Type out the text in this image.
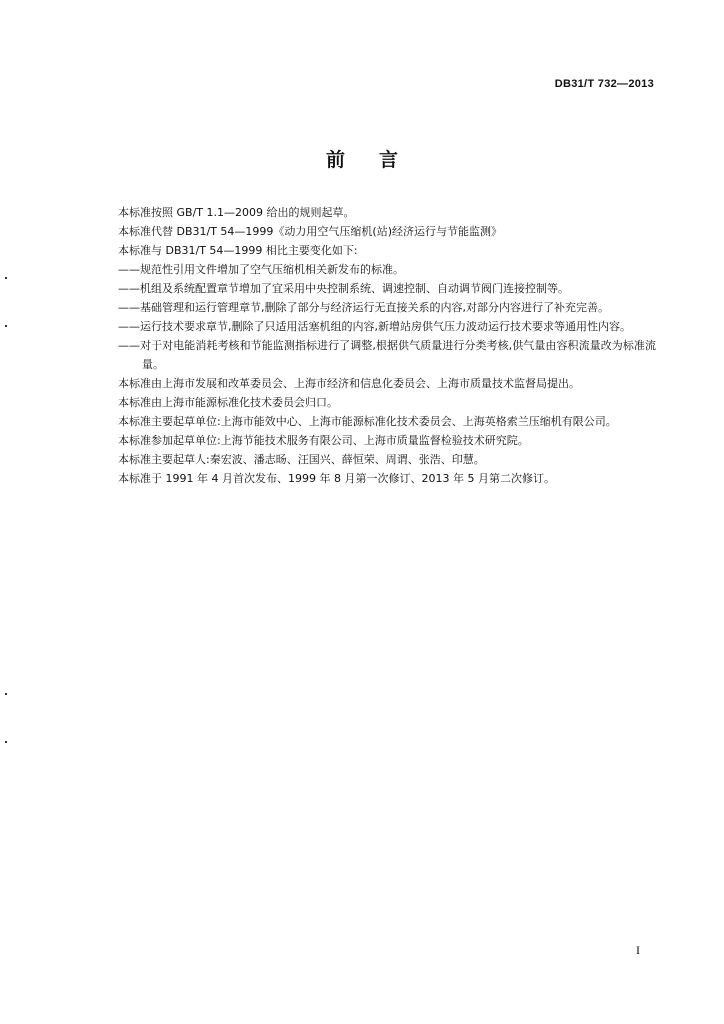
DB31/T 732—2013
前言

本标准按照 GB/T 1.1—2009 给出的规则起草。

本标准代替 DB31/T 54—1999《动力用空气压缩机(站)经济运行与节能监测》

本标准与 DB31/T 54—1999 相比主要变化如下:

——规范性引用文件增加了空气压缩机相关新发布的标准。

——机组及系统配置章节增加了宜采用中央控制系统、调速控制、自动调节阀门连接控制等。

——基础管理和运行管理章节,删除了部分与经济运行无直接关系的内容,对部分内容进行了补充完善。

——运行技术要求章节,删除了只适用活塞机组的内容,新增站房供气压力波动运行技术要求等通用性内容。

——对于对电能消耗考核和节能监测指标进行了调整,根据供气质量进行分类考核,供气量由容积流量改为标准流量。

本标准由上海市发展和改革委员会、上海市经济和信息化委员会、上海市质量技术监督局提出。

本标准由上海市能源标准化技术委员会归口。

本标准主要起草单位:上海市能效中心、上海市能源标准化技术委员会、上海英格索兰压缩机有限公司。

本标准参加起草单位:上海节能技术服务有限公司、上海市质量监督检验技术研究院。

本标准主要起草人:秦宏波、潘志旸、汪国兴、薛恒荣、周谓、张浩、印慧。

本标准于 1991 年 4 月首次发布、1999 年 8 月第一次修订、2013 年 5 月第二次修订。

I
